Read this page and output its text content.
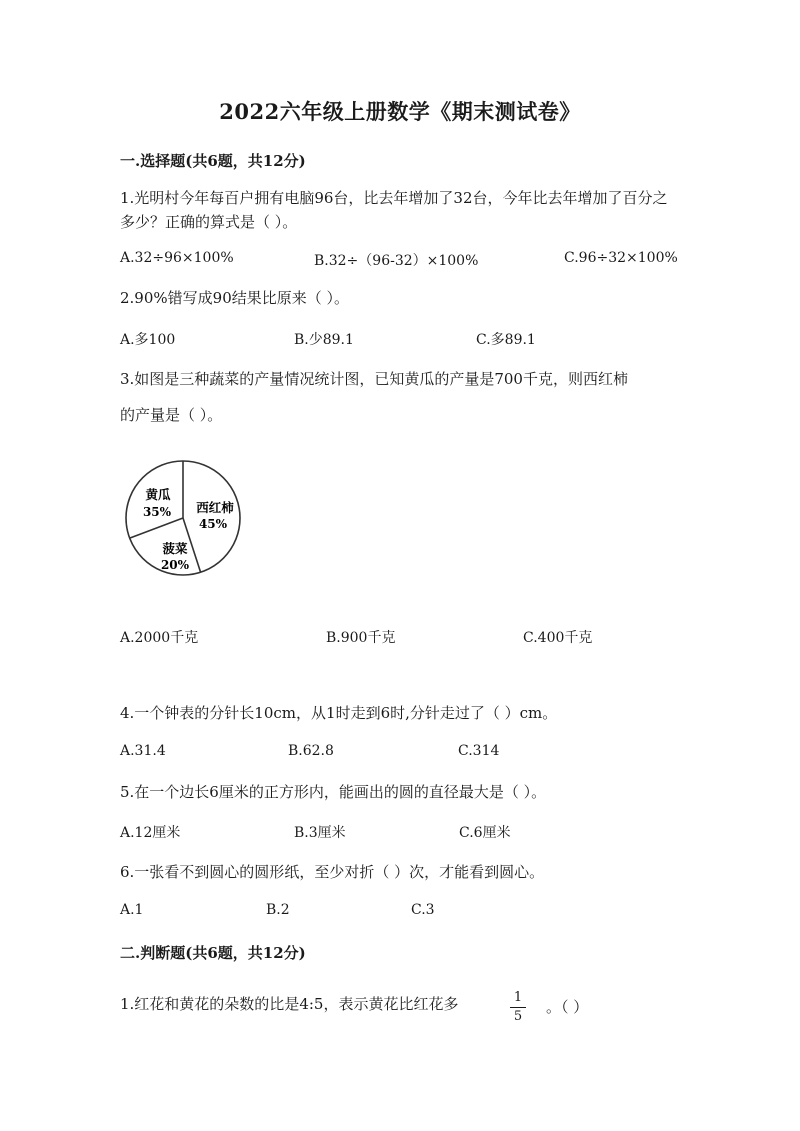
2022六年级上册数学《期末测试卷》
一.选择题(共6题，共12分)
1.光明村今年每百户拥有电脑96台，比去年增加了32台，今年比去年增加了百分之多少？正确的算式是（ ）。
A.32÷96×100%	B.32÷（96-32）×100%	C.96÷32×100%
2.90%错写成90结果比原来（ ）。
A.多100	B.少89.1	C.多89.1
3.如图是三种蔬菜的产量情况统计图，已知黄瓜的产量是700千克，则西红柿
的产量是（ ）。
西红柿
45%
菠菜
20%
黄瓜
35%
A.2000千克	B.900千克	C.400千克
4.一个钟表的分针长10cm，从1时走到6时,分针走过了（ ）cm。
A.31.4	B.62.8	C.314
5.在一个边长6厘米的正方形内，能画出的圆的直径最大是（ ）。
A.12厘米	B.3厘米	C.6厘米
6.一张看不到圆心的圆形纸，至少对折（ ）次，才能看到圆心。
A.1	B.2	C.3
二.判断题(共6题，共12分)
1.红花和黄花的朵数的比是4:5，表示黄花比红花多	1
5
。（ ）
